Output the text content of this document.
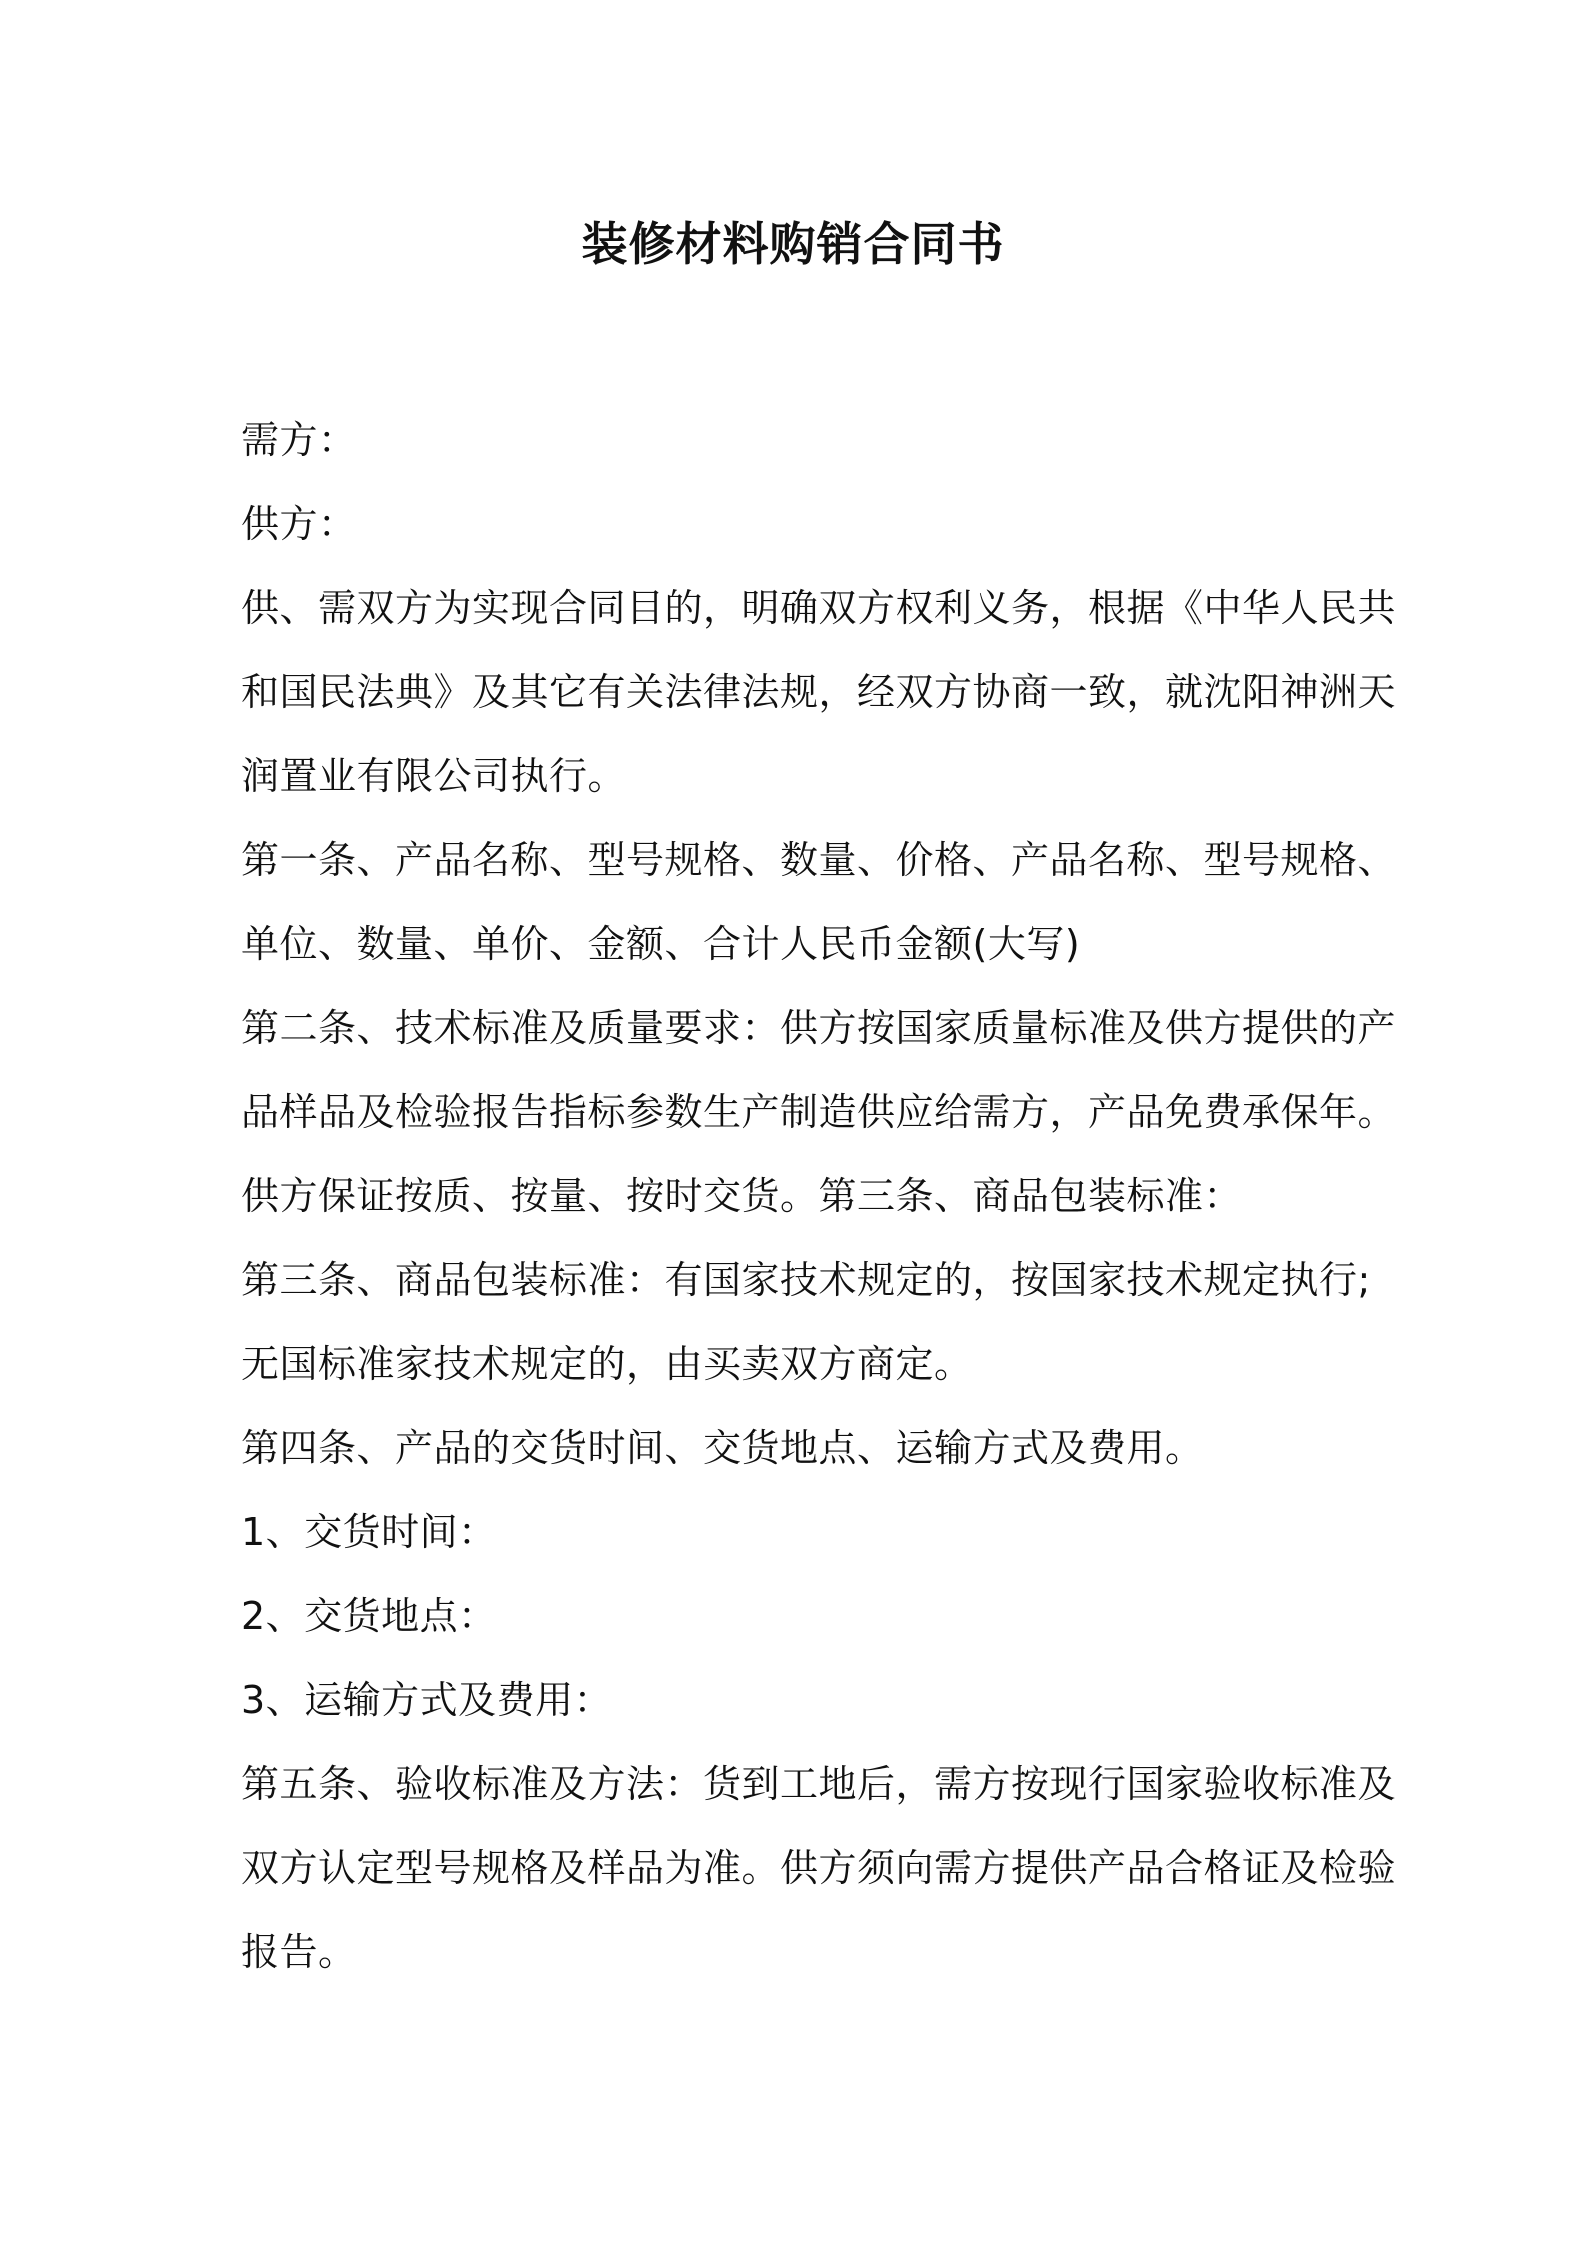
装修材料购销合同书
需方：
供方：
供、需双方为实现合同目的，明确双方权利义务，根据《中华人民共
和国民法典》及其它有关法律法规，经双方协商一致，就沈阳神洲天
润置业有限公司执行。
第一条、产品名称、型号规格、数量、价格、产品名称、型号规格、
单位、数量、单价、金额、合计人民币金额(大写)
第二条、技术标准及质量要求：供方按国家质量标准及供方提供的产
品样品及检验报告指标参数生产制造供应给需方，产品免费承保年。
供方保证按质、按量、按时交货。第三条、商品包装标准：
第三条、商品包装标准：有国家技术规定的，按国家技术规定执行;
无国标准家技术规定的，由买卖双方商定。
第四条、产品的交货时间、交货地点、运输方式及费用。
1、交货时间：
2、交货地点：
3、运输方式及费用：
第五条、验收标准及方法：货到工地后，需方按现行国家验收标准及
双方认定型号规格及样品为准。供方须向需方提供产品合格证及检验
报告。
